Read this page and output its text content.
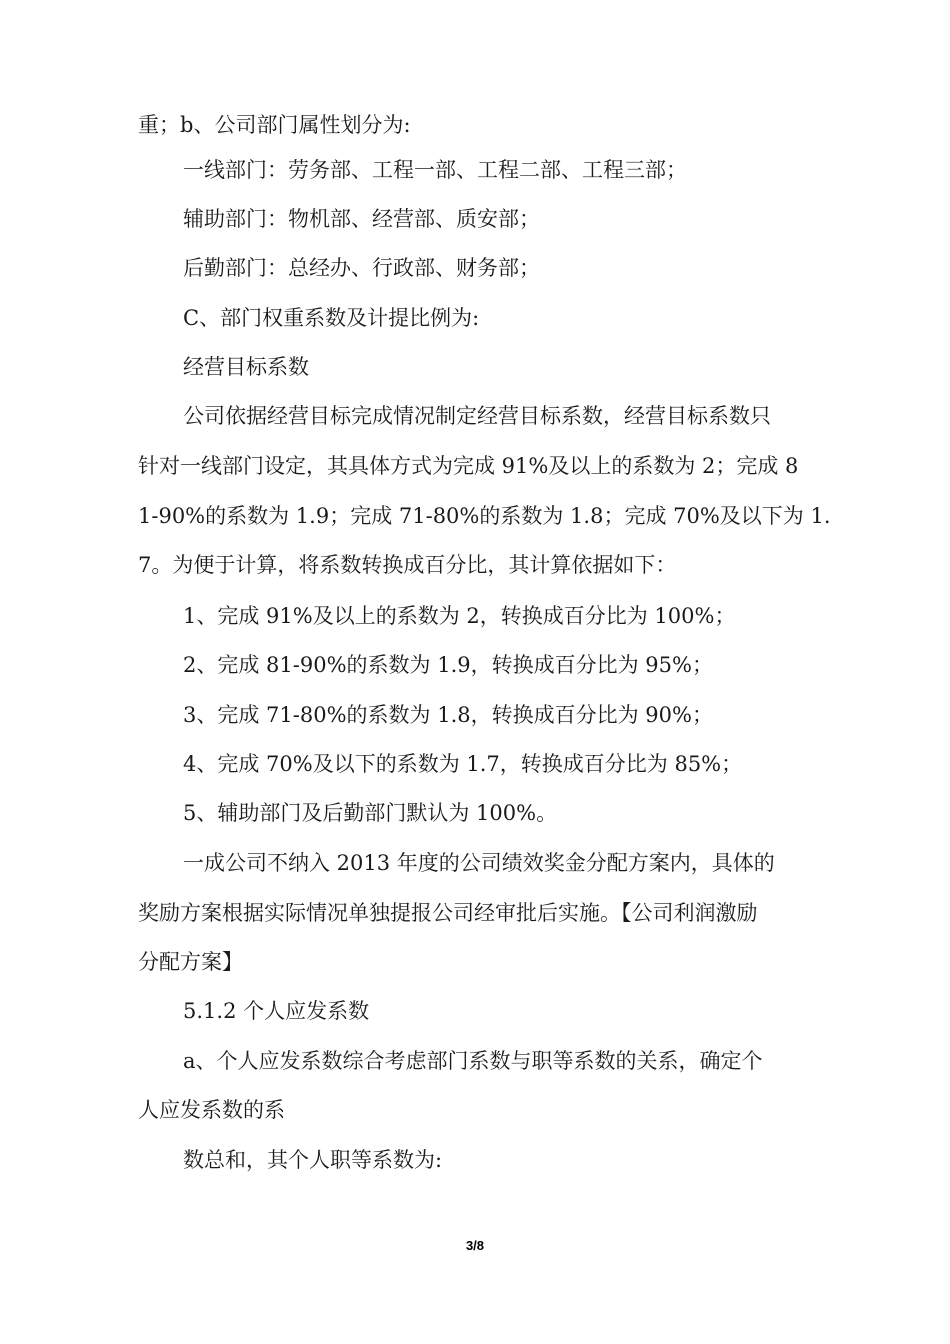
重；b、公司部门属性划分为:
一线部门：劳务部、工程一部、工程二部、工程三部；
辅助部门：物机部、经营部、质安部；
后勤部门：总经办、行政部、财务部；
C、部门权重系数及计提比例为:
经营目标系数
公司依据经营目标完成情况制定经营目标系数，经营目标系数只
针对一线部门设定，其具体方式为完成 91%及以上的系数为 2；完成 8
1-90%的系数为 1.9；完成 71-80%的系数为 1.8；完成 70%及以下为 1.
7。为便于计算，将系数转换成百分比，其计算依据如下：
1、完成 91%及以上的系数为 2，转换成百分比为 100%；
2、完成 81-90%的系数为 1.9，转换成百分比为 95%；
3、完成 71-80%的系数为 1.8，转换成百分比为 90%；
4、完成 70%及以下的系数为 1.7，转换成百分比为 85%；
5、辅助部门及后勤部门默认为 100%。
一成公司不纳入 2013 年度的公司绩效奖金分配方案内，具体的
奖励方案根据实际情况单独提报公司经审批后实施。【公司利润激励
分配方案】
5.1.2 个人应发系数
a、个人应发系数综合考虑部门系数与职等系数的关系，确定个
人应发系数的系
数总和，其个人职等系数为:
3/8
